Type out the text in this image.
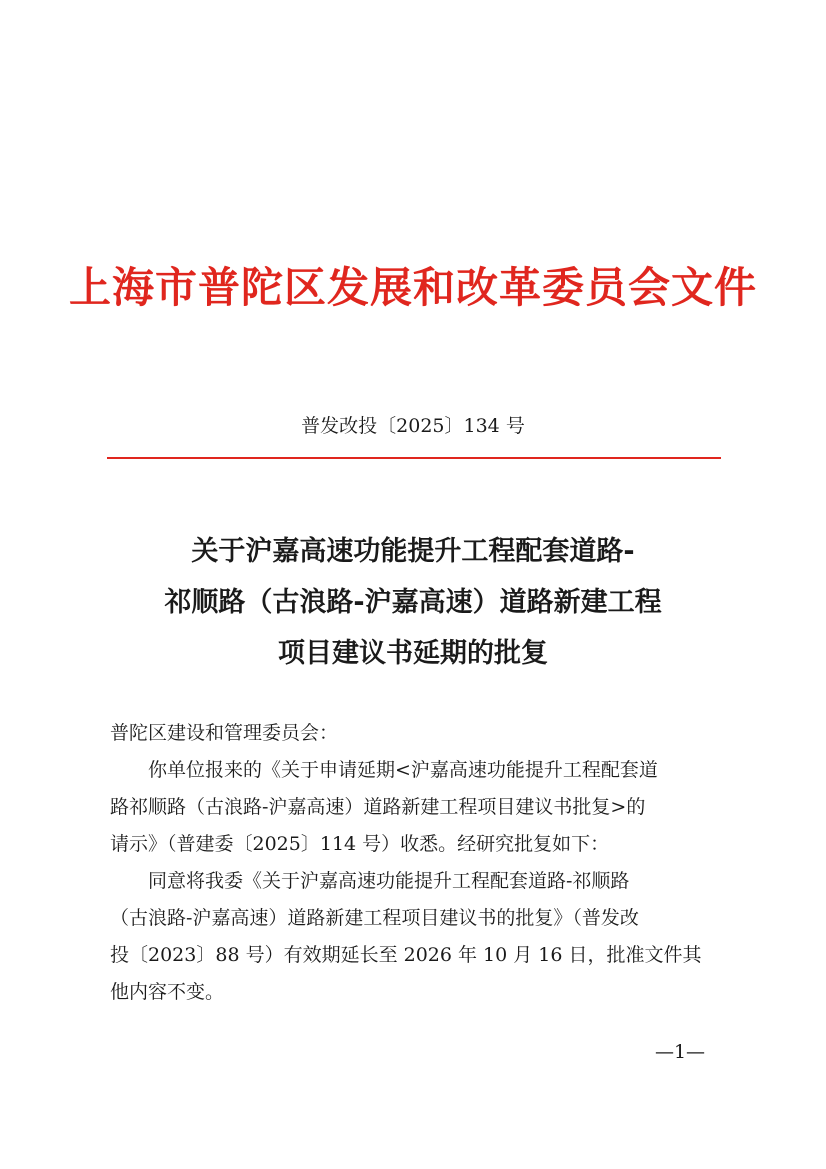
上海市普陀区发展和改革委员会文件
普发改投〔2025〕134 号
关于沪嘉高速功能提升工程配套道路-
祁顺路（古浪路-沪嘉高速）道路新建工程
项目建议书延期的批复
普陀区建设和管理委员会：
　　你单位报来的《关于申请延期<沪嘉高速功能提升工程配套道
路祁顺路（古浪路-沪嘉高速）道路新建工程项目建议书批复>的
请示》（普建委〔2025〕114 号）收悉。经研究批复如下：
　　同意将我委《关于沪嘉高速功能提升工程配套道路-祁顺路
（古浪路-沪嘉高速）道路新建工程项目建议书的批复》（普发改
投〔2023〕88 号）有效期延长至 2026 年 10 月 16 日，批准文件其
他内容不变。
—1—
